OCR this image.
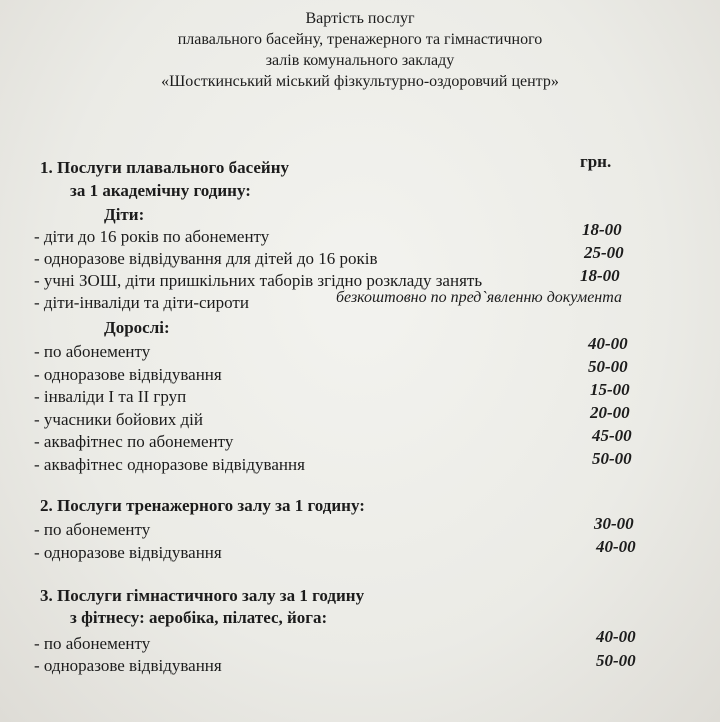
Вартість послуг
плавального басейну, тренажерного та гімнастичного
залів комунального закладу
«Шосткинський міський фізкультурно-оздоровчий центр»
1. Послуги плавального басейну	грн.
за 1 академічну годину:
Діти:
- діти до 16 років по абонементу	18-00
- одноразове відвідування для дітей до 16 років	25-00
- учні ЗОШ, діти пришкільних таборів згідно розкладу занять	18-00
- діти-інваліди та діти-сироти	безкоштовно по пред`явленню документа
Дорослі:
- по абонементу	40-00
- одноразове відвідування	50-00
- інваліди І та ІІ груп	15-00
- учасники бойових дій	20-00
- аквафітнес по абонементу	45-00
- аквафітнес одноразове відвідування	50-00
2. Послуги тренажерного залу за 1 годину:
- по абонементу	30-00
- одноразове відвідування	40-00
3. Послуги гімнастичного залу за 1 годину
з фітнесу: аеробіка, пілатес, йога:
- по абонементу	40-00
- одноразове відвідування	50-00
